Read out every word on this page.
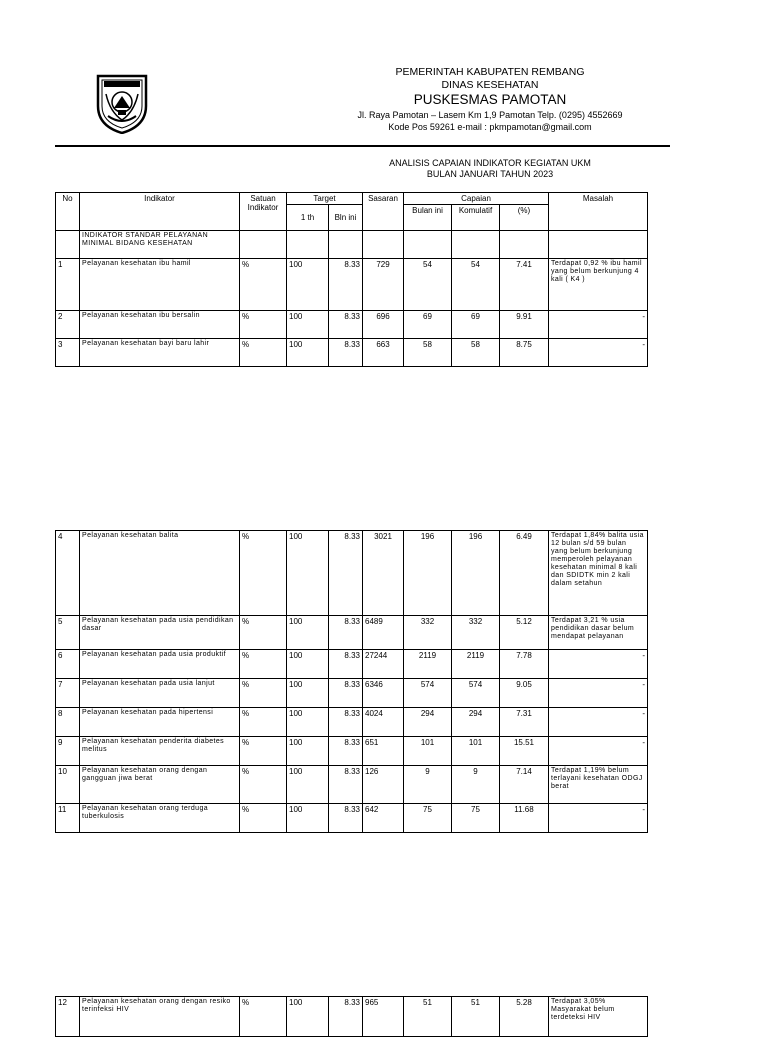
PEMERINTAH KABUPATEN REMBANG
DINAS KESEHATAN
PUSKESMAS PAMOTAN
Jl. Raya Pamotan – Lasem Km 1,9 Pamotan Telp. (0295) 4552669
Kode Pos 59261 e-mail : pkmpamotan@gmail.com
ANALISIS CAPAIAN INDIKATOR KEGIATAN UKM
BULAN JANUARI TAHUN 2023
No	Indikator	Satuan Indikator	Target		Sasaran	Capaian			Masalah
			1 th	Bln ini		Bulan ini	Komulatif	(%)	
	INDIKATOR STANDAR PELAYANAN MINIMAL BIDANG KESEHATAN								
1	Pelayanan kesehatan ibu hamil	%	100	8.33	729	54	54	7.41	Terdapat 0,92 % ibu hamil yang belum berkunjung 4 kali ( K4 )
2	Pelayanan kesehatan ibu bersalin	%	100	8.33	696	69	69	9.91	-
3	Pelayanan kesehatan bayi baru lahir	%	100	8.33	663	58	58	8.75	-
4	Pelayanan kesehatan balita	%	100	8.33	3021	196	196	6.49	Terdapat 1,84% balita usia 12 bulan s/d 59 bulan yang belum berkunjung memperoleh pelayanan kesehatan minimal 8 kali dan SDIDTK min 2 kali dalam setahun
5	Pelayanan kesehatan pada usia pendidikan dasar	%	100	8.33	6489	332	332	5.12	Terdapat 3,21 % usia pendidikan dasar belum mendapat pelayanan
6	Pelayanan kesehatan pada usia produktif	%	100	8.33	27244	2119	2119	7.78	-
7	Pelayanan kesehatan pada usia lanjut	%	100	8.33	6346	574	574	9.05	-
8	Pelayanan kesehatan pada hipertensi	%	100	8.33	4024	294	294	7.31	-
9	Pelayanan kesehatan penderita diabetes melitus	%	100	8.33	651	101	101	15.51	-
10	Pelayanan kesehatan orang dengan gangguan jiwa berat	%	100	8.33	126	9	9	7.14	Terdapat 1,19% belum terlayani kesehatan ODGJ berat
11	Pelayanan kesehatan orang terduga tuberkulosis	%	100	8.33	642	75	75	11.68	-
12	Pelayanan kesehatan orang dengan resiko terinfeksi HIV	%	100	8.33	965	51	51	5.28	Terdapat 3,05% Masyarakat belum terdeteksi HIV
